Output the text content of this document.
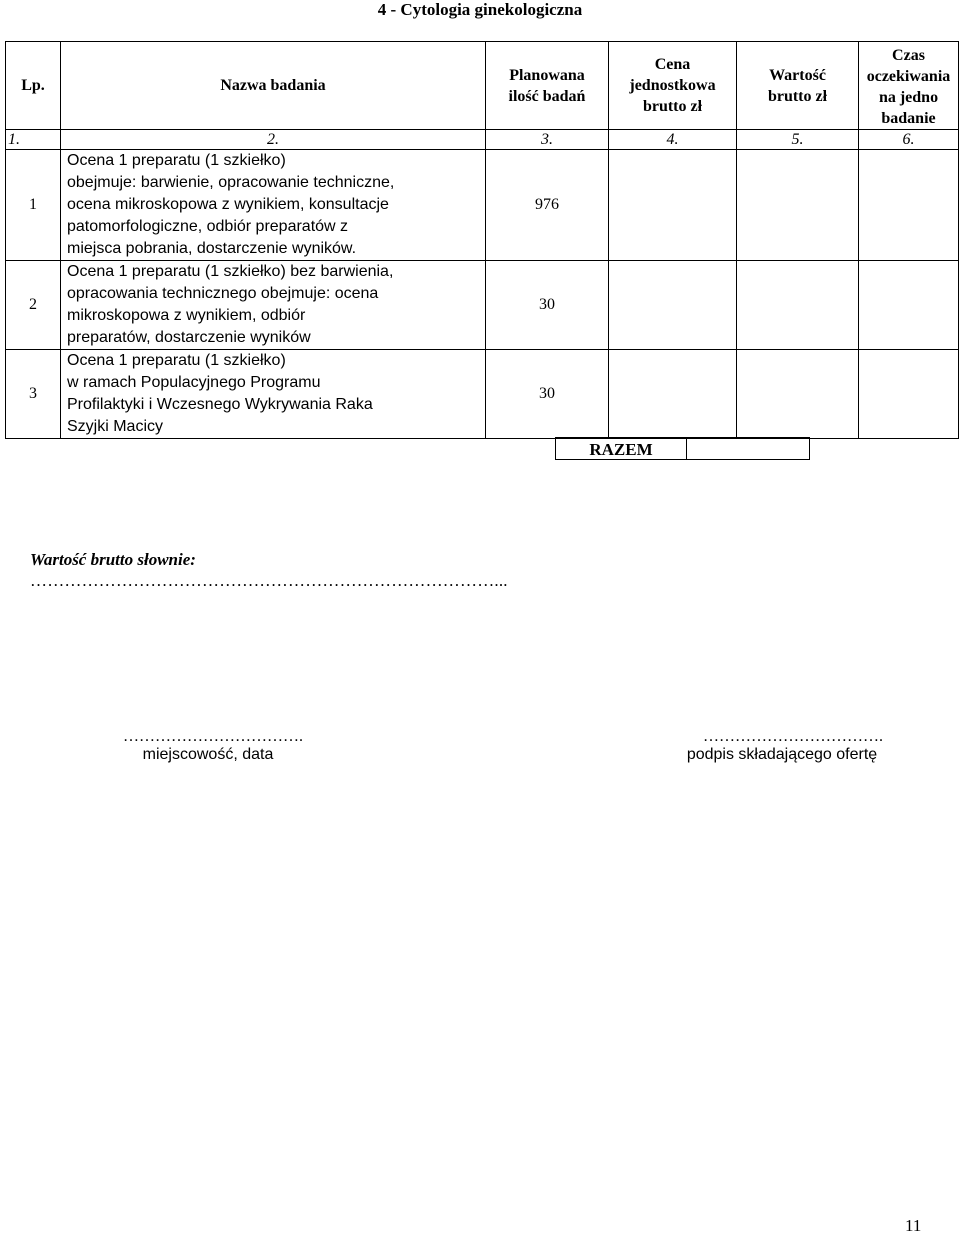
4 - Cytologia ginekologiczna
Lp.	Nazwa badania	Planowana ilość badań	Cena jednostkowa brutto zł	Wartość brutto zł	Czas oczekiwania na jedno badanie
1.	2.	3.	4.	5.	6.
1	Ocena 1 preparatu (1 szkiełko)
obejmuje: barwienie, opracowanie techniczne,
ocena mikroskopowa z wynikiem, konsultacje
patomorfologiczne, odbiór preparatów z
miejsca pobrania, dostarczenie wyników.	976			
2	Ocena 1 preparatu (1 szkiełko) bez barwienia,
opracowania technicznego obejmuje: ocena
mikroskopowa z wynikiem, odbiór
preparatów, dostarczenie wyników	30			
3	Ocena 1 preparatu (1 szkiełko)
w ramach Populacyjnego Programu
Profilaktyki i Wczesnego Wykrywania Raka
Szyjki Macicy	30			
RAZEM
Wartość brutto słownie:
………………………………………………………………………...
…………………………….
miejscowość, data
…………………………….
podpis składającego ofertę
11
